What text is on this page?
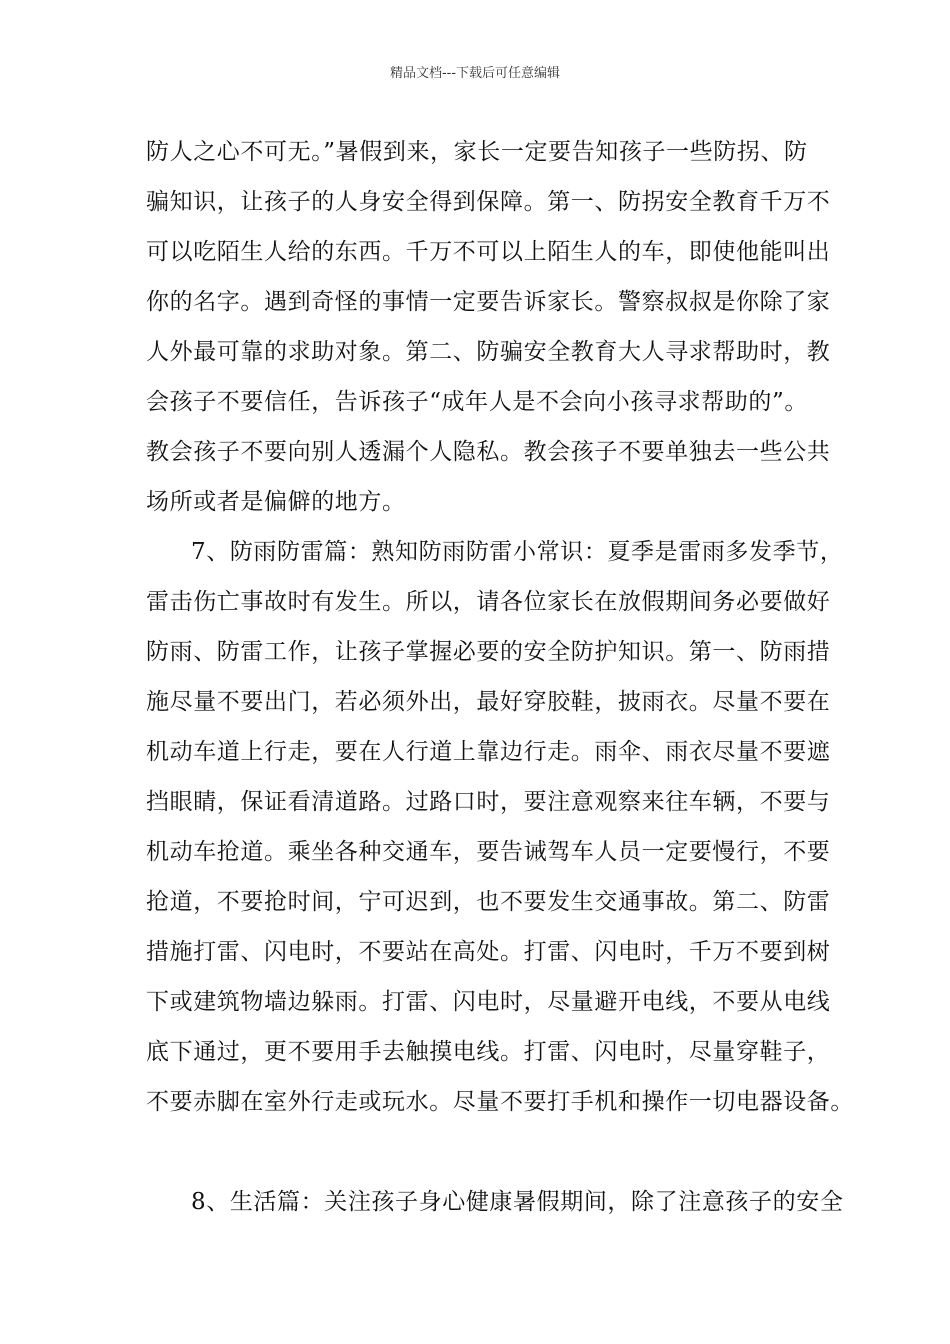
精品文档---下载后可任意编辑
防人之心不可无。”暑假到来，家长一定要告知孩子一些防拐、防
骗知识，让孩子的人身安全得到保障。第一、防拐安全教育千万不
可以吃陌生人给的东西。千万不可以上陌生人的车，即使他能叫出
你的名字。遇到奇怪的事情一定要告诉家长。警察叔叔是你除了家
人外最可靠的求助对象。第二、防骗安全教育大人寻求帮助时，教
会孩子不要信任，告诉孩子“成年人是不会向小孩寻求帮助的”。
教会孩子不要向别人透漏个人隐私。教会孩子不要单独去一些公共
场所或者是偏僻的地方。
7、防雨防雷篇：熟知防雨防雷小常识：夏季是雷雨多发季节，
雷击伤亡事故时有发生。所以，请各位家长在放假期间务必要做好
防雨、防雷工作，让孩子掌握必要的安全防护知识。第一、防雨措
施尽量不要出门，若必须外出，最好穿胶鞋，披雨衣。尽量不要在
机动车道上行走，要在人行道上靠边行走。雨伞、雨衣尽量不要遮
挡眼睛，保证看清道路。过路口时，要注意观察来往车辆，不要与
机动车抢道。乘坐各种交通车，要告诫驾车人员一定要慢行，不要
抢道，不要抢时间，宁可迟到，也不要发生交通事故。第二、防雷
措施打雷、闪电时，不要站在高处。打雷、闪电时，千万不要到树
下或建筑物墙边躲雨。打雷、闪电时，尽量避开电线，不要从电线
底下通过，更不要用手去触摸电线。打雷、闪电时，尽量穿鞋子，
不要赤脚在室外行走或玩水。尽量不要打手机和操作一切电器设备。
8、生活篇：关注孩子身心健康暑假期间，除了注意孩子的安全
